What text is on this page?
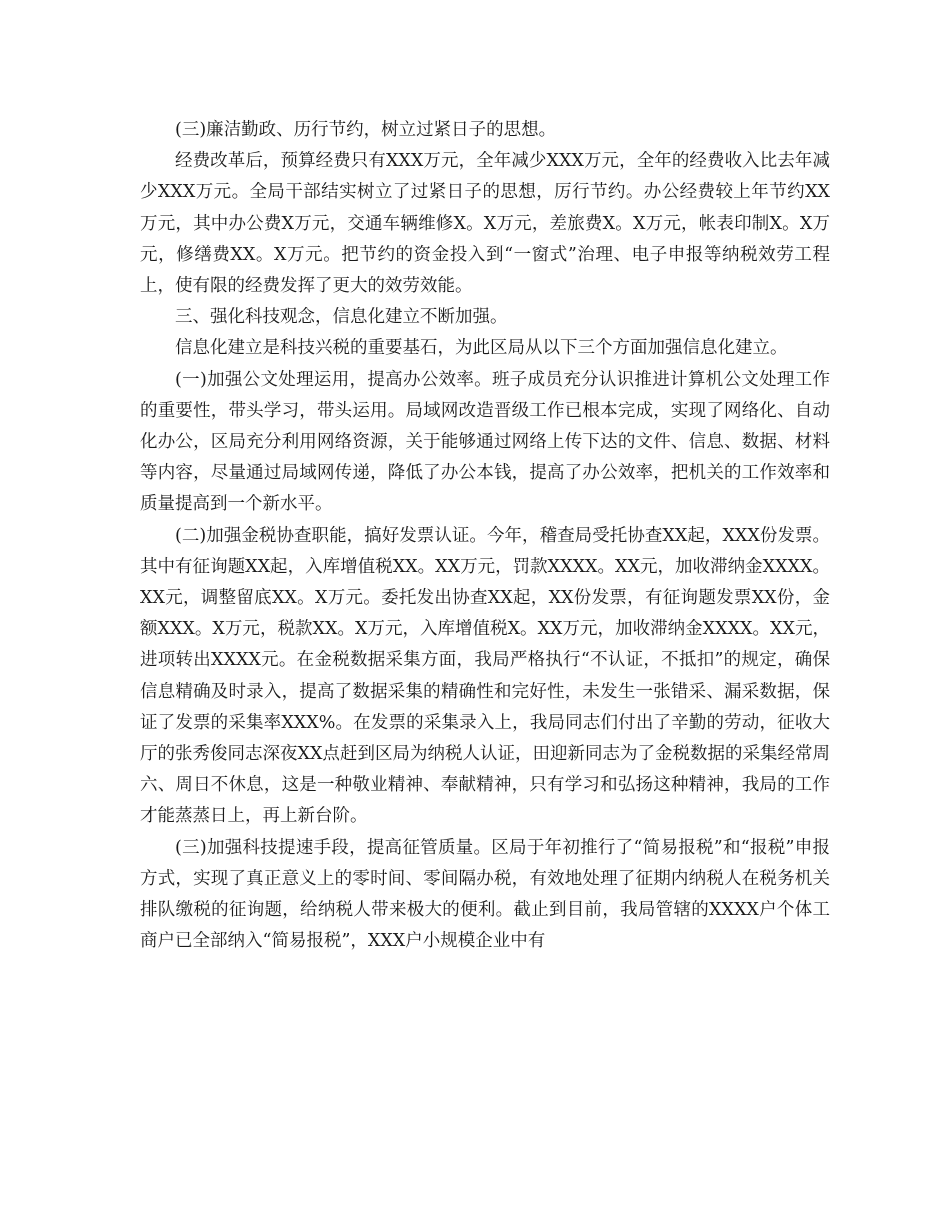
(三)廉洁勤政、历行节约，树立过紧日子的思想。

经费改革后，预算经费只有XXX万元，全年减少XXX万元，全年的经费收入比去年减少XXX万元。全局干部结实树立了过紧日子的思想，厉行节约。办公经费较上年节约XX万元，其中办公费X万元，交通车辆维修X。X万元，差旅费X。X万元，帐表印制X。X万元，修缮费XX。X万元。把节约的资金投入到“一窗式”治理、电子申报等纳税效劳工程上，使有限的经费发挥了更大的效劳效能。

三、强化科技观念，信息化建立不断加强。

信息化建立是科技兴税的重要基石，为此区局从以下三个方面加强信息化建立。

(一)加强公文处理运用，提高办公效率。班子成员充分认识推进计算机公文处理工作的重要性，带头学习，带头运用。局域网改造晋级工作已根本完成，实现了网络化、自动化办公，区局充分利用网络资源，关于能够通过网络上传下达的文件、信息、数据、材料等内容，尽量通过局域网传递，降低了办公本钱，提高了办公效率，把机关的工作效率和质量提高到一个新水平。

(二)加强金税协查职能，搞好发票认证。今年，稽查局受托协查XX起，XXX份发票。其中有征询题XX起，入库增值税XX。XX万元，罚款XXXX。XX元，加收滞纳金XXXX。XX元，调整留底XX。X万元。委托发出协查XX起，XX份发票，有征询题发票XX份，金额XXX。X万元，税款XX。X万元，入库增值税X。XX万元，加收滞纳金XXXX。XX元，进项转出XXXX元。在金税数据采集方面，我局严格执行“不认证，不抵扣”的规定，确保信息精确及时录入，提高了数据采集的精确性和完好性，未发生一张错采、漏采数据，保证了发票的采集率XXX%。在发票的采集录入上，我局同志们付出了辛勤的劳动，征收大厅的张秀俊同志深夜XX点赶到区局为纳税人认证，田迎新同志为了金税数据的采集经常周六、周日不休息，这是一种敬业精神、奉献精神，只有学习和弘扬这种精神，我局的工作才能蒸蒸日上，再上新台阶。

(三)加强科技提速手段，提高征管质量。区局于年初推行了“简易报税”和“报税”申报方式，实现了真正意义上的零时间、零间隔办税，有效地处理了征期内纳税人在税务机关排队缴税的征询题，给纳税人带来极大的便利。截止到目前，我局管辖的XXXX户个体工商户已全部纳入“简易报税”，XXX户小规模企业中有
